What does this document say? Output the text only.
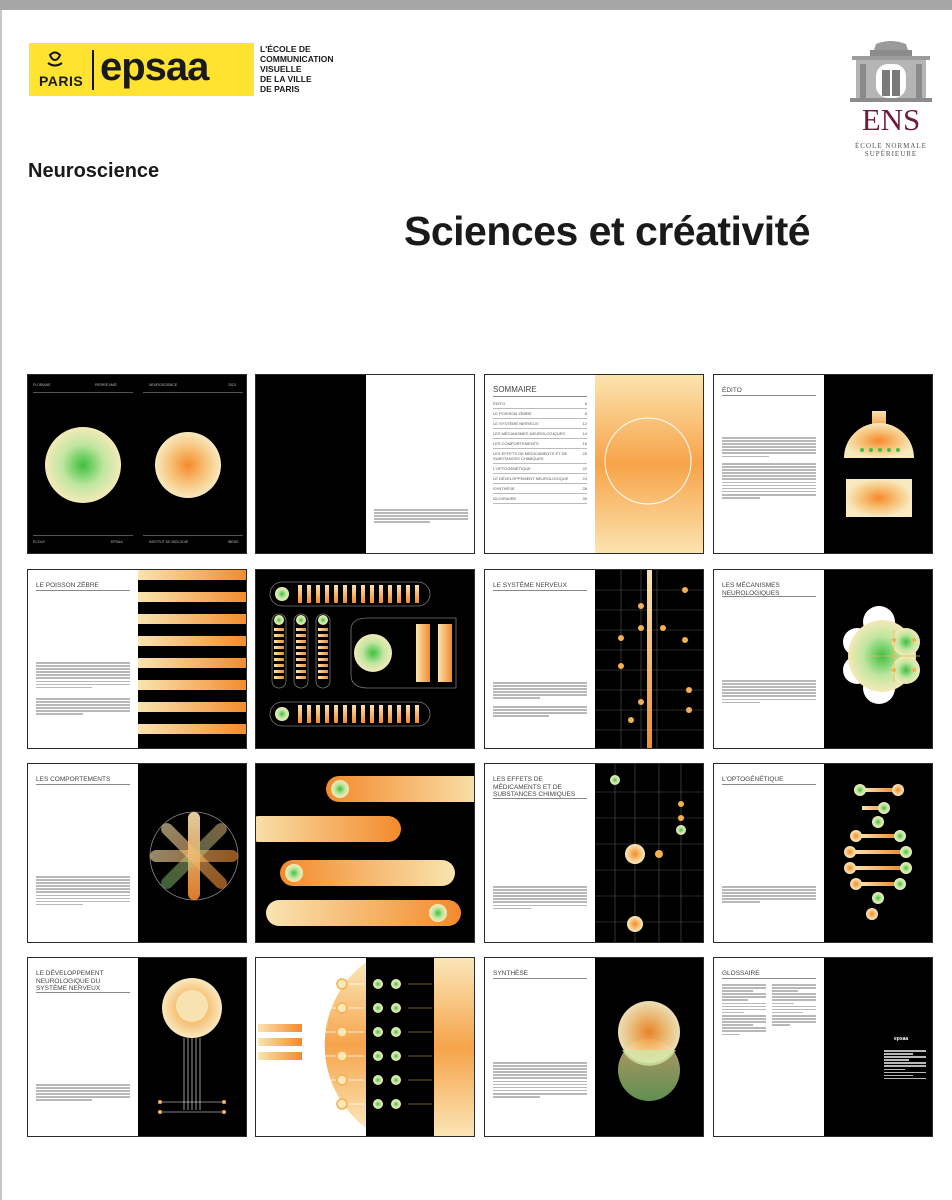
PARIS epsaa	L'ÉCOLE DE
COMMUNICATION
VISUELLE
DE LA VILLE
DE PARIS
ENS
ÉCOLE NORMALE
SUPÉRIEURE
Neuroscience
Sciences et créativité
FLORIANE	PIERRE-MAË	NEUROSCIENCE	2023
ÉCOLE	EPSAA	INSTITUT DE BIOLOGIE	IBENS
SOMMAIRE
ÉDITO	8
LE POISSON ZÈBRE	8
LE SYSTÈME NERVEUX	12
LES MÉCANISMES NEUROLOGIQUES	14
LES COMPORTEMENTS	16
LES EFFETS DE MÉDICAMENTS ET DE SUBSTANCES CHIMIQUES
20
L'OPTOGÉNÉTIQUE	22
LE DÉVELOPPEMENT NEUROLOGIQUE	24
SYNTHÈSE	28
GLOSSAIRE	30
ÉDITO
LE POISSON ZÈBRE	LE SYSTÈME NERVEUX	LES MÉCANISMES NEUROLOGIQUES
LES COMPORTEMENTS	LES EFFETS DE MÉDICAMENTS ET DE SUBSTANCES CHIMIQUES
L'OPTOGÉNÉTIQUE
LE DÉVELOPPEMENT NEUROLOGIQUE DU SYSTÈME NERVEUX
SYNTHÈSE	GLOSSAIRE
epsaa
